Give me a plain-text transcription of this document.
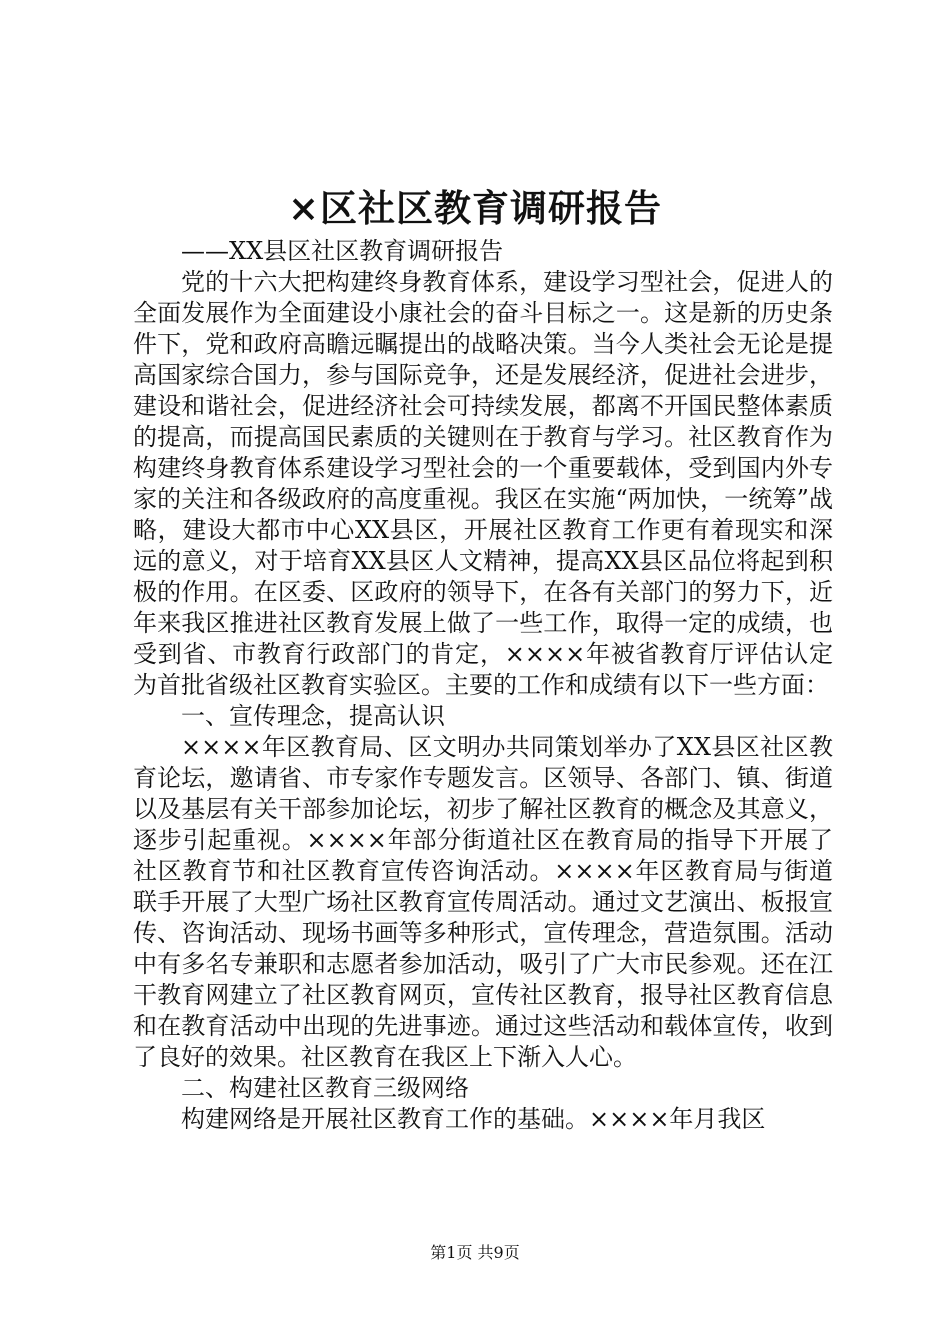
×区社区教育调研报告

——XX县区社区教育调研报告

党的十六大把构建终身教育体系，建设学习型社会，促进人的全面发展作为全面建设小康社会的奋斗目标之一。这是新的历史条件下，党和政府高瞻远瞩提出的战略决策。当今人类社会无论是提高国家综合国力，参与国际竞争，还是发展经济，促进社会进步，建设和谐社会，促进经济社会可持续发展，都离不开国民整体素质的提高，而提高国民素质的关键则在于教育与学习。社区教育作为构建终身教育体系建设学习型社会的一个重要载体，受到国内外专家的关注和各级政府的高度重视。我区在实施“两加快，一统筹”战略，建设大都市中心XX县区，开展社区教育工作更有着现实和深远的意义，对于培育XX县区人文精神，提高XX县区品位将起到积极的作用。在区委、区政府的领导下，在各有关部门的努力下，近年来我区推进社区教育发展上做了一些工作，取得一定的成绩，也受到省、市教育行政部门的肯定，××××年被省教育厅评估认定为首批省级社区教育实验区。主要的工作和成绩有以下一些方面：

一、宣传理念，提高认识

××××年区教育局、区文明办共同策划举办了XX县区社区教育论坛，邀请省、市专家作专题发言。区领导、各部门、镇、街道以及基层有关干部参加论坛，初步了解社区教育的概念及其意义，逐步引起重视。××××年部分街道社区在教育局的指导下开展了社区教育节和社区教育宣传咨询活动。××××年区教育局与街道联手开展了大型广场社区教育宣传周活动。通过文艺演出、板报宣传、咨询活动、现场书画等多种形式，宣传理念，营造氛围。活动中有多名专兼职和志愿者参加活动，吸引了广大市民参观。还在江干教育网建立了社区教育网页，宣传社区教育，报导社区教育信息和在教育活动中出现的先进事迹。通过这些活动和载体宣传，收到了良好的效果。社区教育在我区上下渐入人心。

二、构建社区教育三级网络

构建网络是开展社区教育工作的基础。××××年月我区

第1页 共9页
